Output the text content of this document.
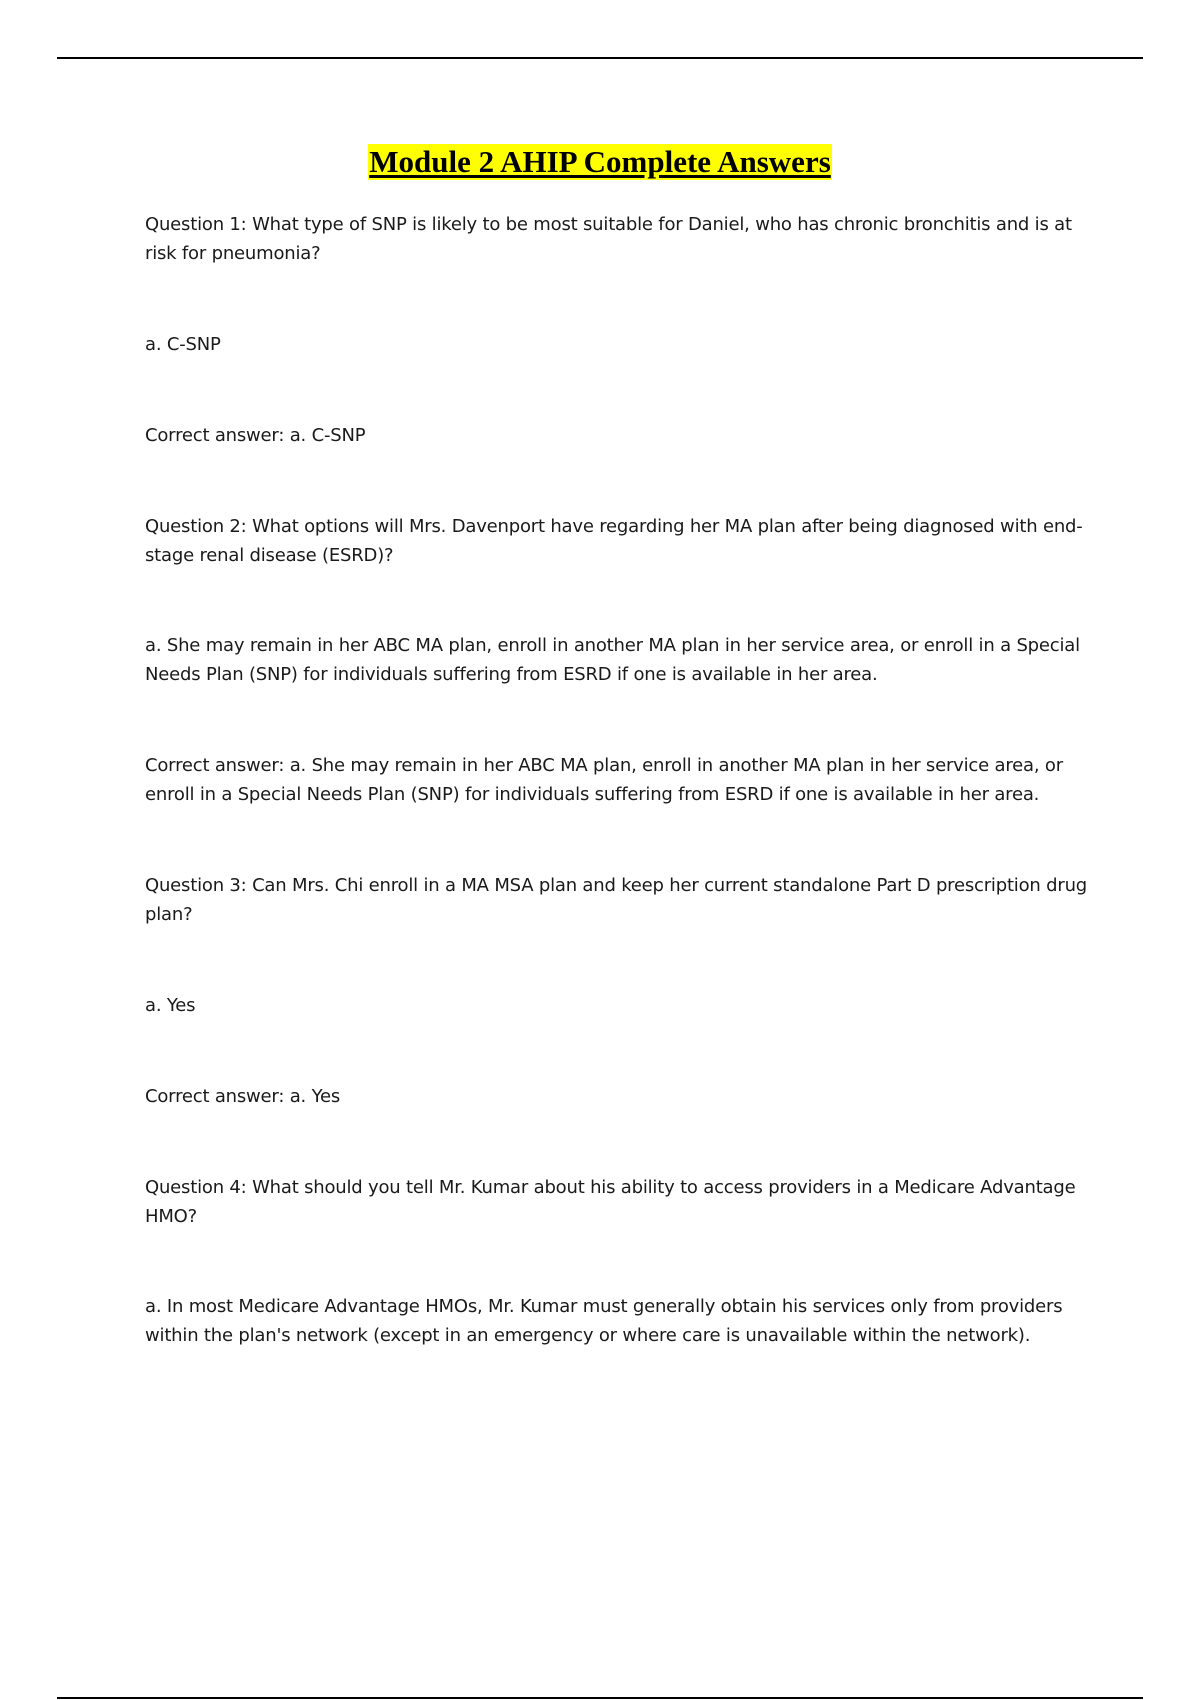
Module 2 AHIP Complete Answers

Question 1: What type of SNP is likely to be most suitable for Daniel, who has chronic bronchitis and is at risk for pneumonia?

a. C-SNP

Correct answer: a. C-SNP

Question 2: What options will Mrs. Davenport have regarding her MA plan after being diagnosed with end-stage renal disease (ESRD)?

a. She may remain in her ABC MA plan, enroll in another MA plan in her service area, or enroll in a Special Needs Plan (SNP) for individuals suffering from ESRD if one is available in her area.

Correct answer: a. She may remain in her ABC MA plan, enroll in another MA plan in her service area, or enroll in a Special Needs Plan (SNP) for individuals suffering from ESRD if one is available in her area.

Question 3: Can Mrs. Chi enroll in a MA MSA plan and keep her current standalone Part D prescription drug plan?

a. Yes

Correct answer: a. Yes

Question 4: What should you tell Mr. Kumar about his ability to access providers in a Medicare Advantage HMO?

a. In most Medicare Advantage HMOs, Mr. Kumar must generally obtain his services only from providers within the plan's network (except in an emergency or where care is unavailable within the network).
